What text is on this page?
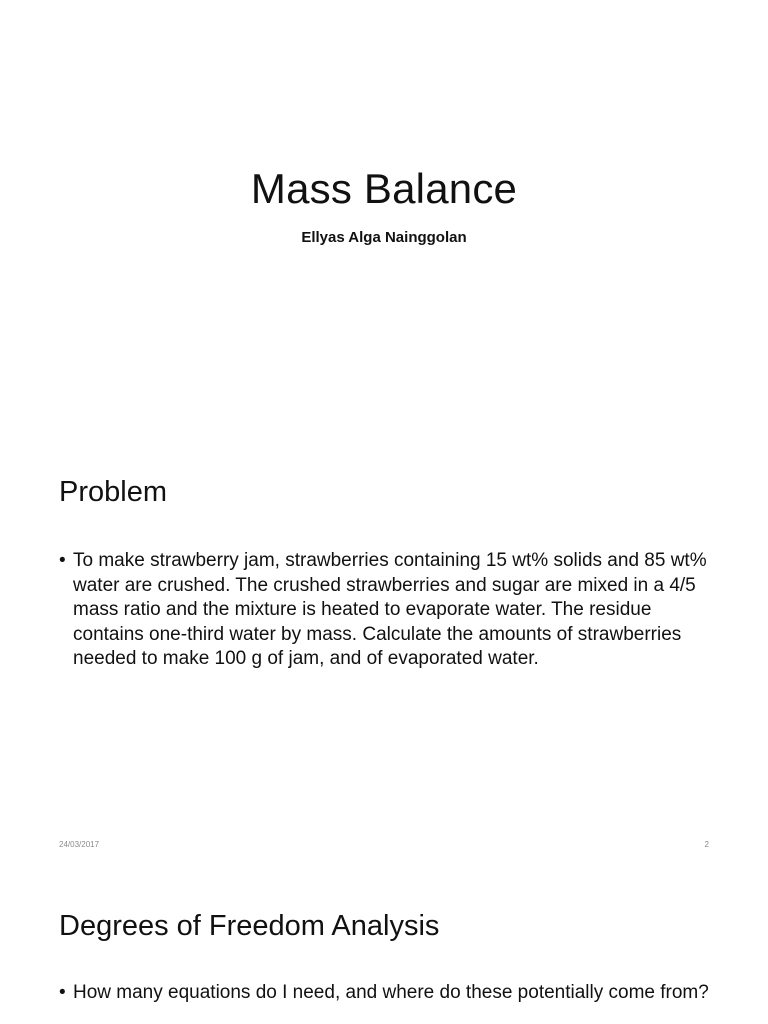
Mass Balance
Ellyas Alga Nainggolan
Problem
• To make strawberry jam, strawberries containing 15 wt% solids and 85 wt% water are crushed. The crushed strawberries and sugar are mixed in a 4/5 mass ratio and the mixture is heated to evaporate water. The residue contains one-third water by mass. Calculate the amounts of strawberries needed to make 100 g of jam, and of evaporated water.
24/03/2017	2
Degrees of Freedom Analysis
• How many equations do I need, and where do these potentially come from?
